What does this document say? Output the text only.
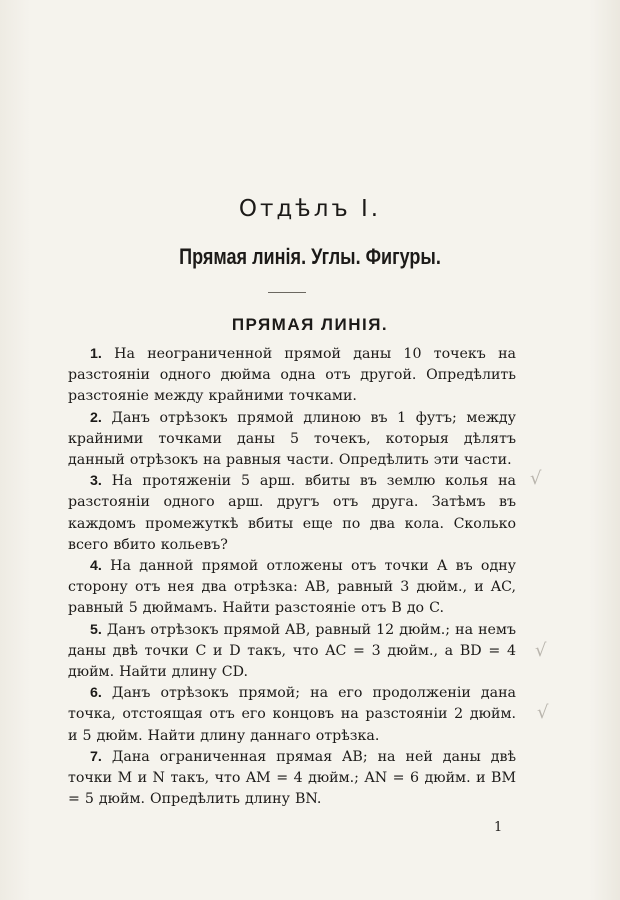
Отдѣлъ I.
Прямая линія. Углы. Фигуры.
ПРЯМАЯ ЛИНІЯ.

1. На неограниченной прямой даны 10 точекъ на разстояніи одного дюйма одна отъ другой. Опредѣлить разстояніе между крайними точками.

2. Данъ отрѣзокъ прямой длиною въ 1 футъ; между крайними точками даны 5 точекъ, которыя дѣлятъ данный отрѣзокъ на равныя части. Опредѣлить эти части.

3. На протяженіи 5 арш. вбиты въ землю колья на разстояніи одного арш. другъ отъ друга. Затѣмъ въ каждомъ промежуткѣ вбиты еще по два кола. Сколько всего вбито кольевъ?

4. На данной прямой отложены отъ точки A въ одну сторону отъ нея два отрѣзка: AB, равный 3 дюйм., и AC, равный 5 дюймамъ. Найти разстояніе отъ B до C.

5. Данъ отрѣзокъ прямой AB, равный 12 дюйм.; на немъ даны двѣ точки C и D такъ, что AC = 3 дюйм., а BD = 4 дюйм. Найти длину CD.

6. Данъ отрѣзокъ прямой; на его продолженіи дана точка, отстоящая отъ его концовъ на разстояніи 2 дюйм. и 5 дюйм. Найти длину даннаго отрѣзка.

7. Дана ограниченная прямая AB; на ней даны двѣ точки M и N такъ, что AM = 4 дюйм.; AN = 6 дюйм. и BM = 5 дюйм. Опредѣлить длину BN.

√
√
√
1
